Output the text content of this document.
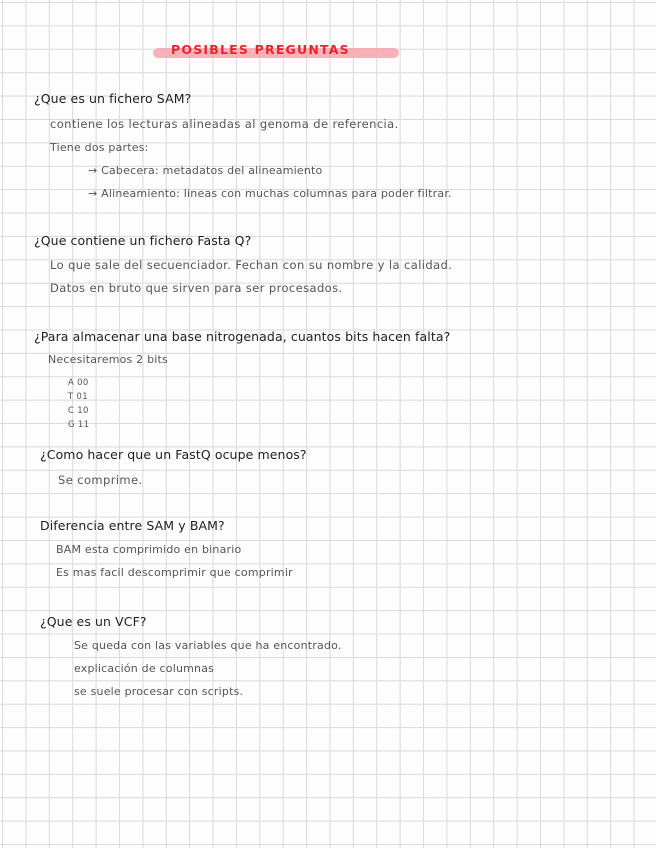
POSIBLES PREGUNTAS
¿Que es un fichero SAM?
contiene los lecturas alineadas al genoma de referencia.
Tiene dos partes:
→ Cabecera: metadatos del alineamiento
→ Alineamiento: lineas con muchas columnas para poder filtrar.
¿Que contiene un fichero Fasta Q?
Lo que sale del secuenciador. Fechan con su nombre y la calidad.
Datos en bruto que sirven para ser procesados.
¿Para almacenar una base nitrogenada, cuantos bits hacen falta?
Necesitaremos 2 bits
A 00
T 01
C 10
G 11
¿Como hacer que un FastQ ocupe menos?
Se comprime.
Diferencia entre SAM y BAM?
BAM esta comprimido en binario
Es mas facil descomprimir que comprimir
¿Que es un VCF?
Se queda con las variables que ha encontrado.
explicación de columnas
se suele procesar con scripts.
